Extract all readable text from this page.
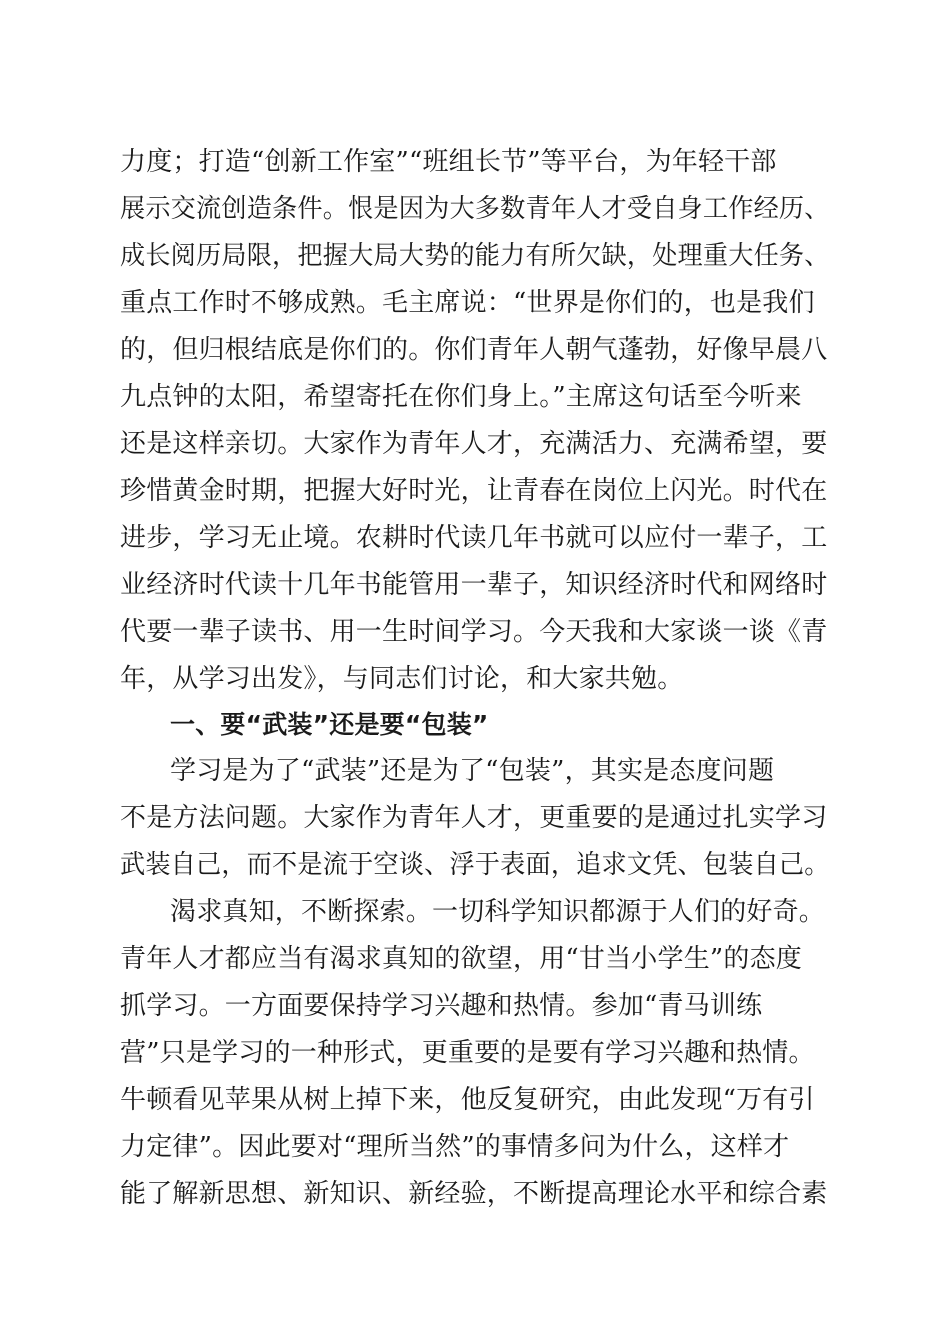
力度；打造“创新工作室”“班组长节”等平台，为年轻干部
展示交流创造条件。恨是因为大多数青年人才受自身工作经历、
成长阅历局限，把握大局大势的能力有所欠缺，处理重大任务、
重点工作时不够成熟。毛主席说：“世界是你们的，也是我们
的，但归根结底是你们的。你们青年人朝气蓬勃，好像早晨八
九点钟的太阳，希望寄托在你们身上。”主席这句话至今听来
还是这样亲切。大家作为青年人才，充满活力、充满希望，要
珍惜黄金时期，把握大好时光，让青春在岗位上闪光。时代在
进步，学习无止境。农耕时代读几年书就可以应付一辈子，工
业经济时代读十几年书能管用一辈子，知识经济时代和网络时
代要一辈子读书、用一生时间学习。今天我和大家谈一谈《青
年，从学习出发》，与同志们讨论，和大家共勉。
一、要“武装”还是要“包装”
学习是为了“武装”还是为了“包装”，其实是态度问题
不是方法问题。大家作为青年人才，更重要的是通过扎实学习
武装自己，而不是流于空谈、浮于表面，追求文凭、包装自己。
渴求真知，不断探索。一切科学知识都源于人们的好奇。
青年人才都应当有渴求真知的欲望，用“甘当小学生”的态度
抓学习。一方面要保持学习兴趣和热情。参加“青马训练
营”只是学习的一种形式，更重要的是要有学习兴趣和热情。
牛顿看见苹果从树上掉下来，他反复研究，由此发现“万有引
力定律”。因此要对“理所当然”的事情多问为什么，这样才
能了解新思想、新知识、新经验，不断提高理论水平和综合素
